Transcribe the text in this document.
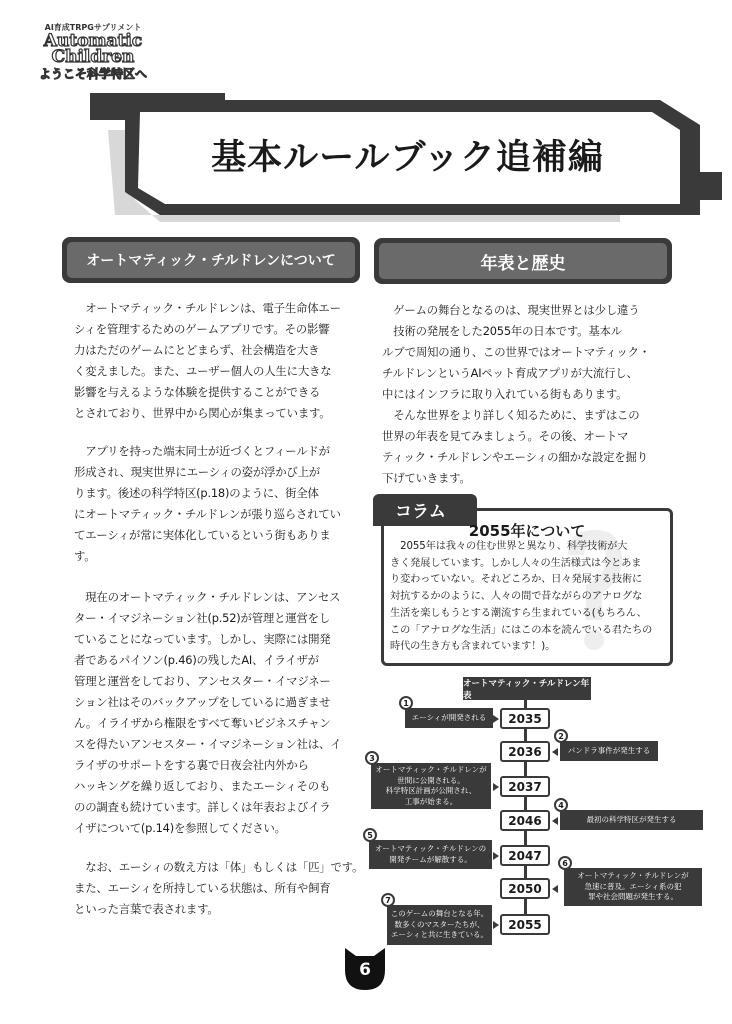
AI育成TRPGサプリメント
Automatic
Children
ようこそ科学特区へ
基本ルールブック追補編
オートマティック・チルドレンについて	年表と歴史
　オートマティック・チルドレンは、電子生命体エー
シィを管理するためのゲームアプリです。その影響
力はただのゲームにとどまらず、社会構造を大き
く変えました。また、ユーザー個人の人生に大きな
影響を与えるような体験を提供することができる
とされており、世界中から関心が集まっています。
　アプリを持った端末同士が近づくとフィールドが
形成され、現実世界にエーシィの姿が浮かび上が
ります。後述の科学特区(p.18)のように、街全体
にオートマティック・チルドレンが張り巡らされてい
てエーシィが常に実体化しているという街もありま
す。
　現在のオートマティック・チルドレンは、アンセス
ター・イマジネーション社(p.52)が管理と運営をし
ていることになっています。しかし、実際には開発
者であるパイソン(p.46)の残したAI、イライザが
管理と運営をしており、アンセスター・イマジネー
ション社はそのバックアップをしているに過ぎませ
ん。イライザから権限をすべて奪いビジネスチャン
スを得たいアンセスター・イマジネーション社は、イ
ライザのサポートをする裏で日夜会社内外から
ハッキングを繰り返しており、またエーシィそのも
のの調査も続けています。詳しくは年表およびイラ
イザについて(p.14)を参照してください。
　なお、エーシィの数え方は「体」もしくは「匹」です。
また、エーシィを所持している状態は、所有や飼育
といった言葉で表されます。
　ゲームの舞台となるのは、現実世界とは少し違う
　技術の発展をした2055年の日本です。基本ル
ルブで周知の通り、この世界ではオートマティック・
チルドレンというAIペット育成アプリが大流行し、
中にはインフラに取り入れている街もあります。
　そんな世界をより詳しく知るために、まずはこの
世界の年表を見てみましょう。その後、オートマ
ティック・チルドレンやエーシィの細かな設定を掘り
下げていきます。
コラム
2055年について
　2055年は我々の住む世界と異なり、科学技術が大
きく発展しています。しかし人々の生活様式は今とあま
り変わっていない。それどころか、日々発展する技術に
対抗するかのように、人々の間で昔ながらのアナログな
生活を楽しもうとする潮流すら生まれている(もちろん、
この「アナログな生活」にはこの本を読んでいる君たちの
時代の生き方も含まれています！)。
オートマティック・チルドレン年表
2035
2036
2037
2046
2047
2050
2055
エーシィが開発される
1
パンドラ事件が発生する
2
オートマティック・チルドレンが
世間に公開される。
科学特区計画が公開され、
工事が始まる。
3
最初の科学特区が発生する
4
オートマティック・チルドレンの
開発チームが解散する。
5
オートマティック・チルドレンが
急速に普及。エーシィ系の犯
罪や社会問題が発生する。
6
このゲームの舞台となる年。
数多くのマスターたちが、
エーシィと共に生きている。
7
6
